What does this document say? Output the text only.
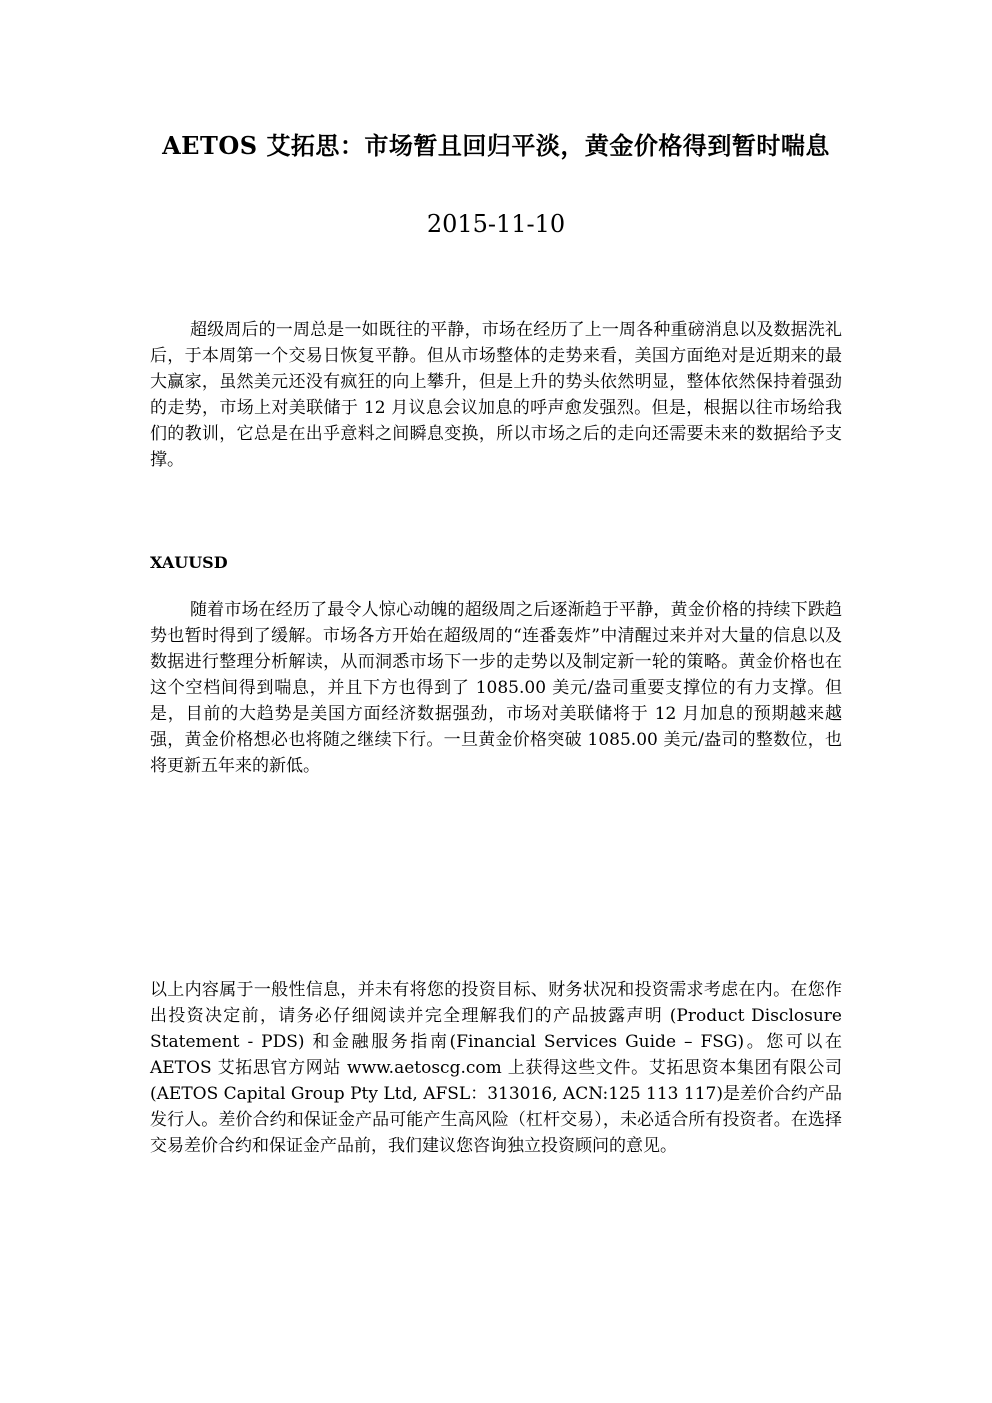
AETOS 艾拓思：市场暂且回归平淡，黄金价格得到暂时喘息
2015-11-10

超级周后的一周总是一如既往的平静，市场在经历了上一周各种重磅消息以及数据洗礼后，于本周第一个交易日恢复平静。但从市场整体的走势来看，美国方面绝对是近期来的最大赢家，虽然美元还没有疯狂的向上攀升，但是上升的势头依然明显，整体依然保持着强劲的走势，市场上对美联储于 12 月议息会议加息的呼声愈发强烈。但是，根据以往市场给我们的教训，它总是在出乎意料之间瞬息变换，所以市场之后的走向还需要未来的数据给予支撑。

XAUUSD

随着市场在经历了最令人惊心动魄的超级周之后逐渐趋于平静，黄金价格的持续下跌趋势也暂时得到了缓解。市场各方开始在超级周的“连番轰炸”中清醒过来并对大量的信息以及数据进行整理分析解读，从而洞悉市场下一步的走势以及制定新一轮的策略。黄金价格也在这个空档间得到喘息，并且下方也得到了 1085.00 美元/盎司重要支撑位的有力支撑。但是，目前的大趋势是美国方面经济数据强劲，市场对美联储将于 12 月加息的预期越来越强，黄金价格想必也将随之继续下行。一旦黄金价格突破 1085.00 美元/盎司的整数位，也将更新五年来的新低。

以上内容属于一般性信息，并未有将您的投资目标、财务状况和投资需求考虑在内。在您作出投资决定前，请务必仔细阅读并完全理解我们的产品披露声明 (Product Disclosure Statement - PDS) 和金融服务指南(Financial Services Guide – FSG)。您可以在 AETOS 艾拓思官方网站 www.aetoscg.com 上获得这些文件。艾拓思资本集团有限公司(AETOS Capital Group Pty Ltd, AFSL：313016, ACN:125 113 117)是差价合约产品发行人。差价合约和保证金产品可能产生高风险（杠杆交易），未必适合所有投资者。在选择交易差价合约和保证金产品前，我们建议您咨询独立投资顾问的意见。
